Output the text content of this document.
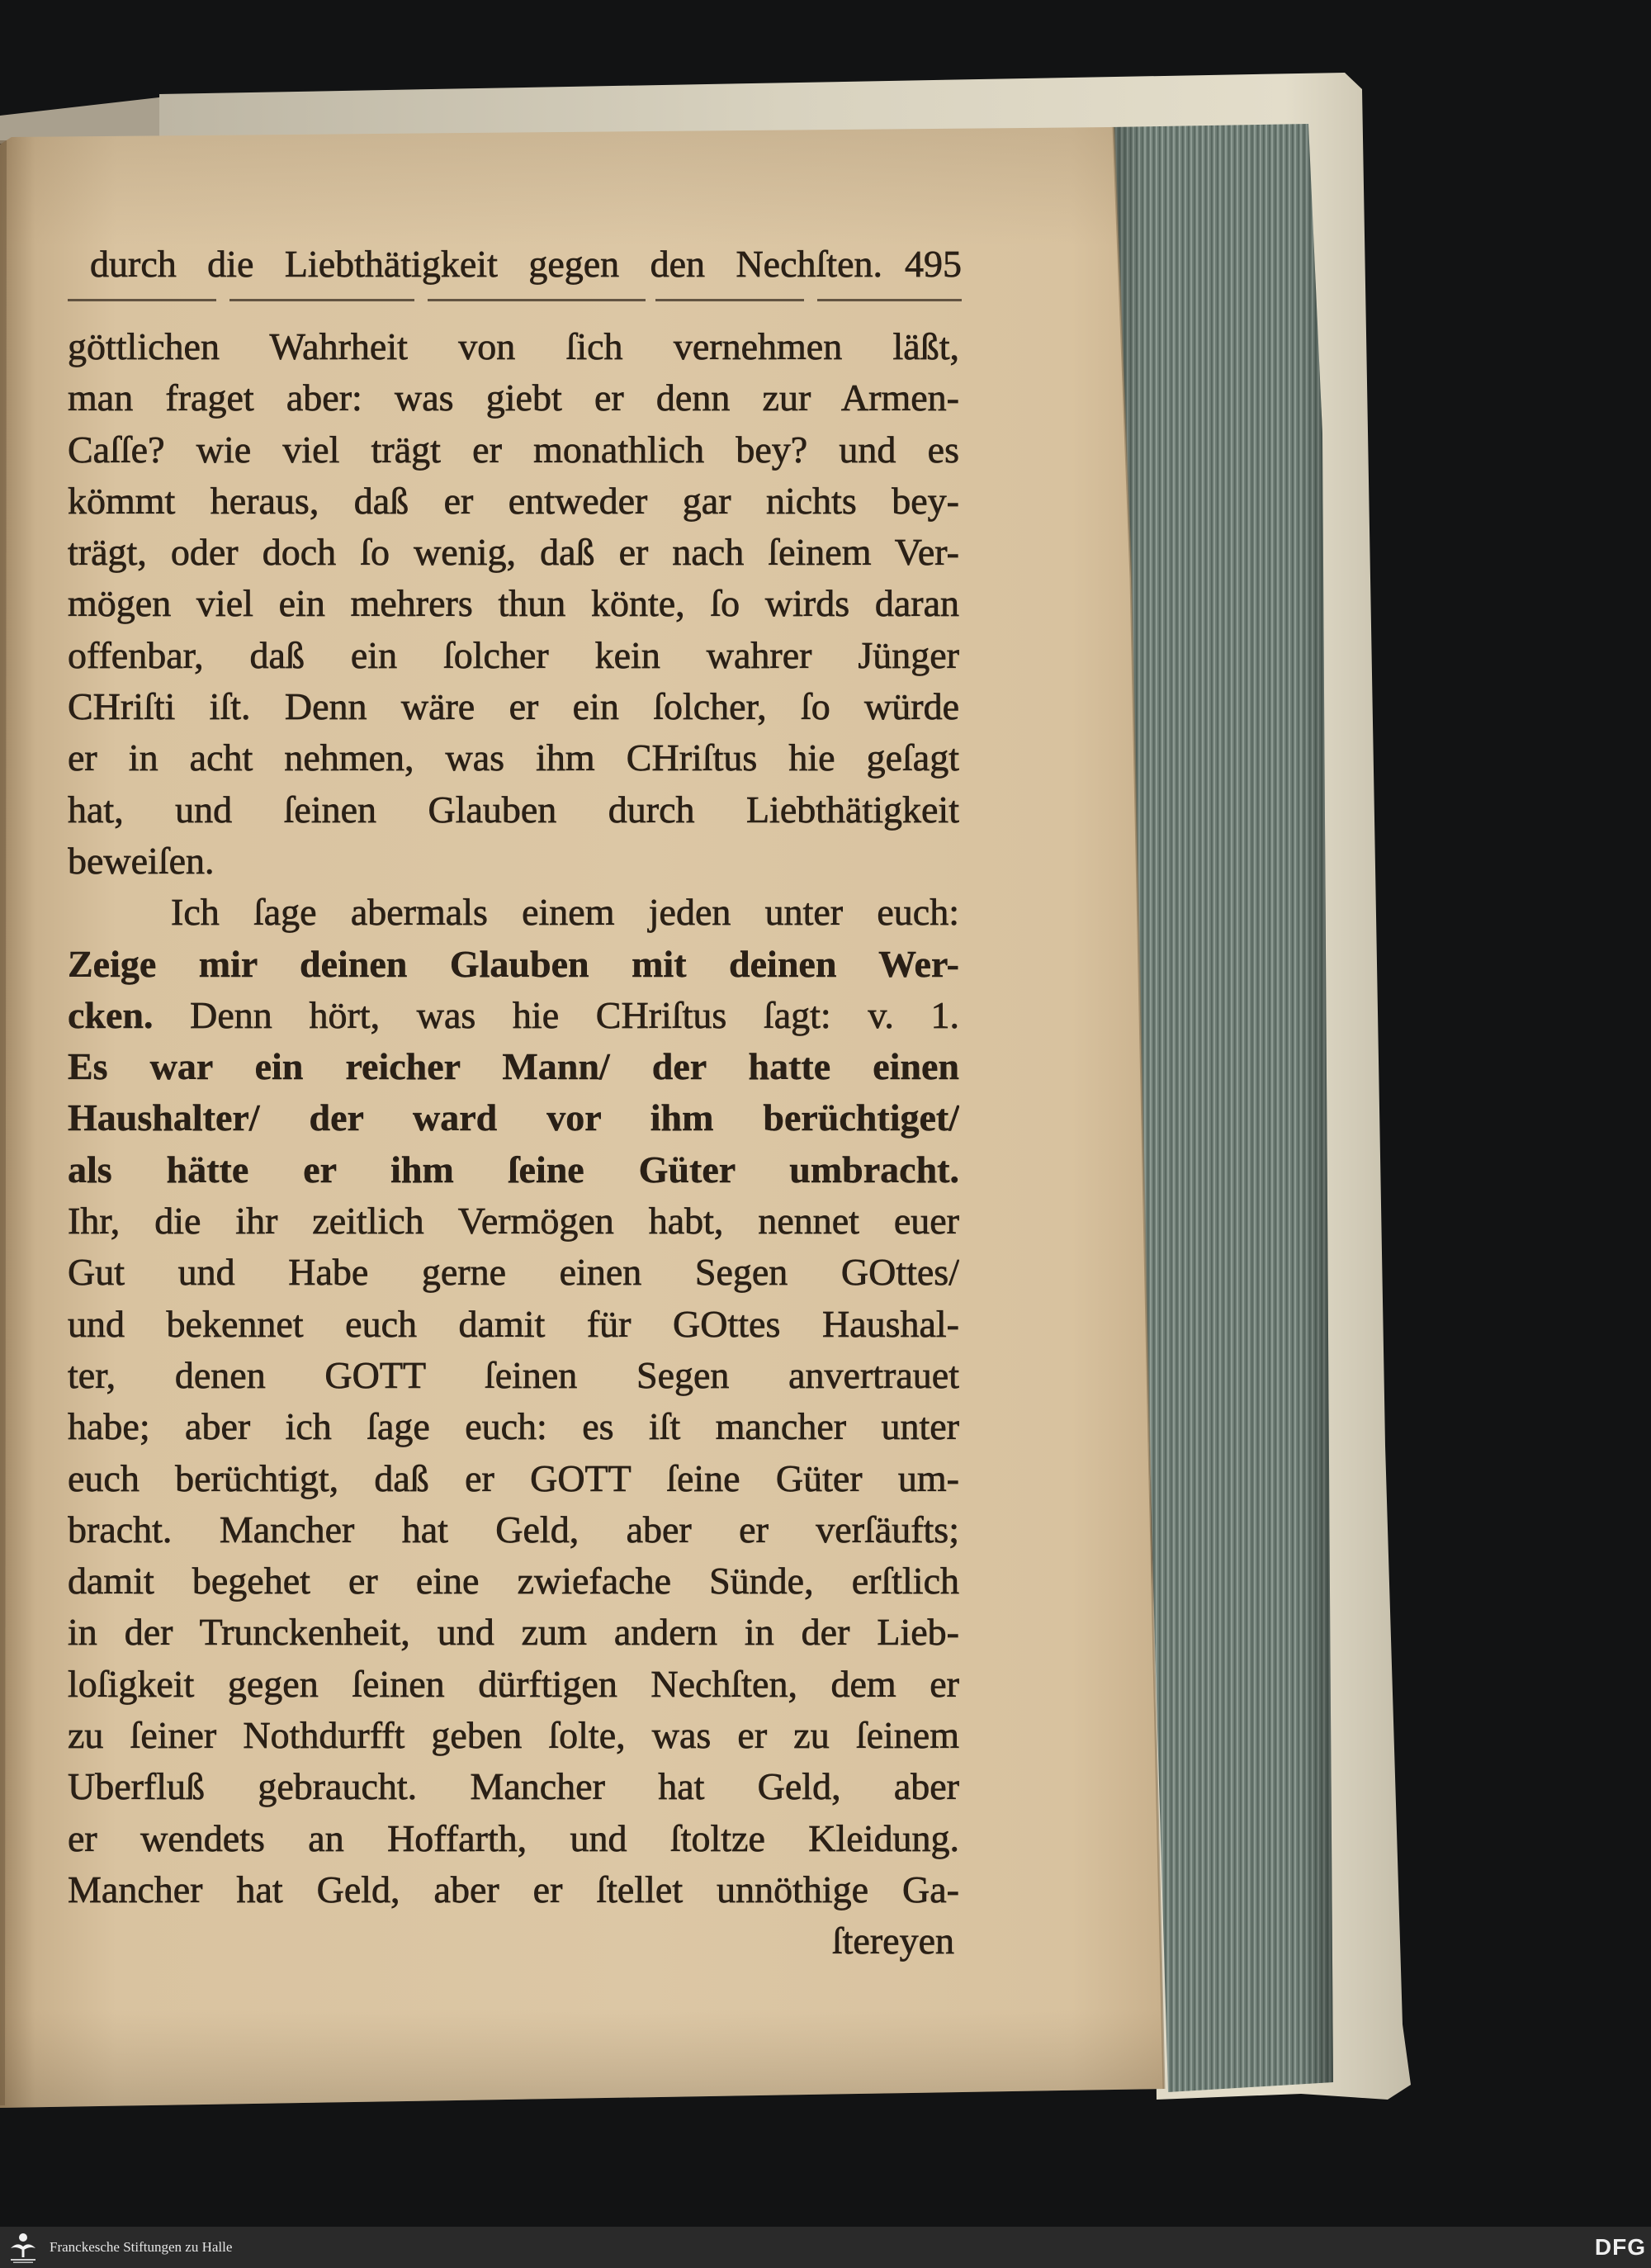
durch die Liebthätigkeit gegen den Nechſten. 495
göttlichen Wahrheit von ſich vernehmen läßt,
man fraget aber: was giebt er denn zur Armen-
Caſſe? wie viel trägt er monathlich bey? und es
kömmt heraus, daß er entweder gar nichts bey-
trägt, oder doch ſo wenig, daß er nach ſeinem Ver-
mögen viel ein mehrers thun könte, ſo wirds daran
offenbar, daß ein ſolcher kein wahrer Jünger
CHriſti iſt. Denn wäre er ein ſolcher, ſo würde
er in acht nehmen, was ihm CHriſtus hie geſagt
hat, und ſeinen Glauben durch Liebthätigkeit
beweiſen.
Ich ſage abermals einem jeden unter euch:
Zeige mir deinen Glauben mit deinen Wer-
cken. Denn hört, was hie CHriſtus ſagt: v. 1.
Es war ein reicher Mann/ der hatte einen
Haushalter/ der ward vor ihm berüchtiget/
als hätte er ihm ſeine Güter umbracht.
Ihr, die ihr zeitlich Vermögen habt, nennet euer
Gut und Habe gerne einen Segen GOttes/
und bekennet euch damit für GOttes Haushal-
ter, denen GOTT ſeinen Segen anvertrauet
habe; aber ich ſage euch: es iſt mancher unter
euch berüchtigt, daß er GOTT ſeine Güter um-
bracht. Mancher hat Geld, aber er verſäufts;
damit begehet er eine zwiefache Sünde, erſtlich
in der Trunckenheit, und zum andern in der Lieb-
loſigkeit gegen ſeinen dürftigen Nechſten, dem er
zu ſeiner Nothdurfft geben ſolte, was er zu ſeinem
Uberfluß gebraucht. Mancher hat Geld, aber
er wendets an Hoffarth, und ſtoltze Kleidung.
Mancher hat Geld, aber er ſtellet unnöthige Ga-
ſtereyen
Franckesche Stiftungen zu Halle	DFG
